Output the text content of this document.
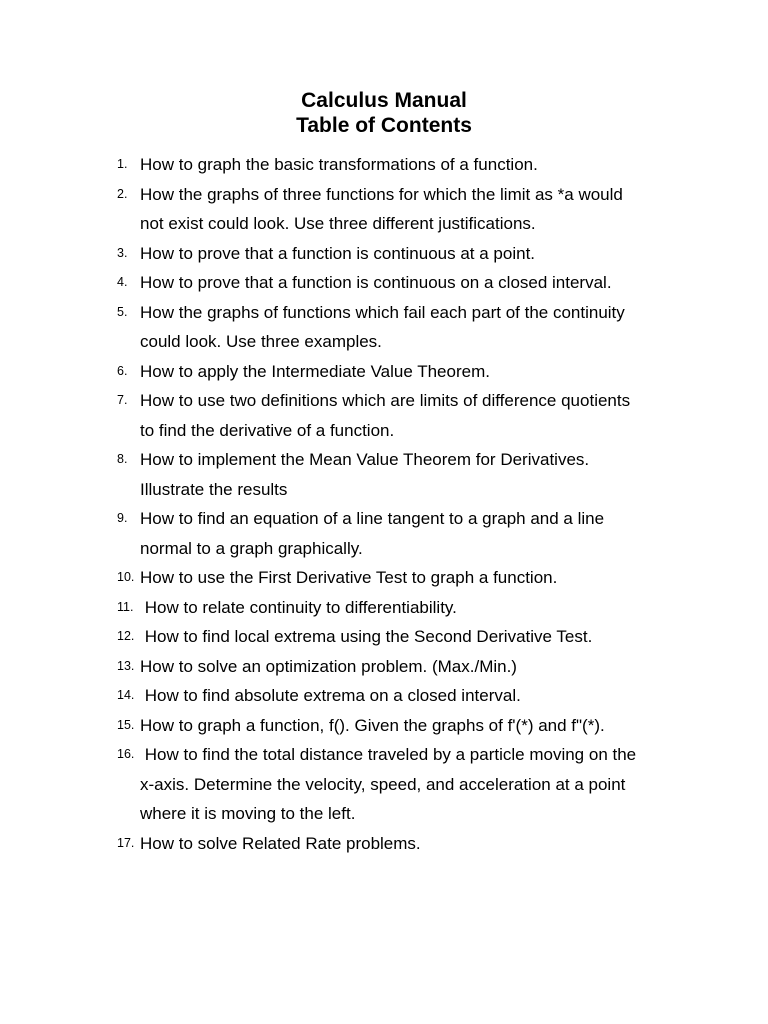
Calculus Manual
Table of Contents
1. How to graph the basic transformations of a function.
2. How the graphs of three functions for which the limit as *a would
not exist could look. Use three different justifications.
3. How to prove that a function is continuous at a point.
4. How to prove that a function is continuous on a closed interval.
5. How the graphs of functions which fail each part of the continuity
could look. Use three examples.
6. How to apply the Intermediate Value Theorem.
7. How to use two definitions which are limits of difference quotients
to find the derivative of a function.
8. How to implement the Mean Value Theorem for Derivatives.
Illustrate the results
9. How to find an equation of a line tangent to a graph and a line
normal to a graph graphically.
10. How to use the First Derivative Test to graph a function.
11. How to relate continuity to differentiability.
12. How to find local extrema using the Second Derivative Test.
13. How to solve an optimization problem. (Max./Min.)
14. How to find absolute extrema on a closed interval.
15. How to graph a function, f(). Given the graphs of f'(*) and f"(*).
16. How to find the total distance traveled by a particle moving on the
x-axis. Determine the velocity, speed, and acceleration at a point
where it is moving to the left.
17. How to solve Related Rate problems.
